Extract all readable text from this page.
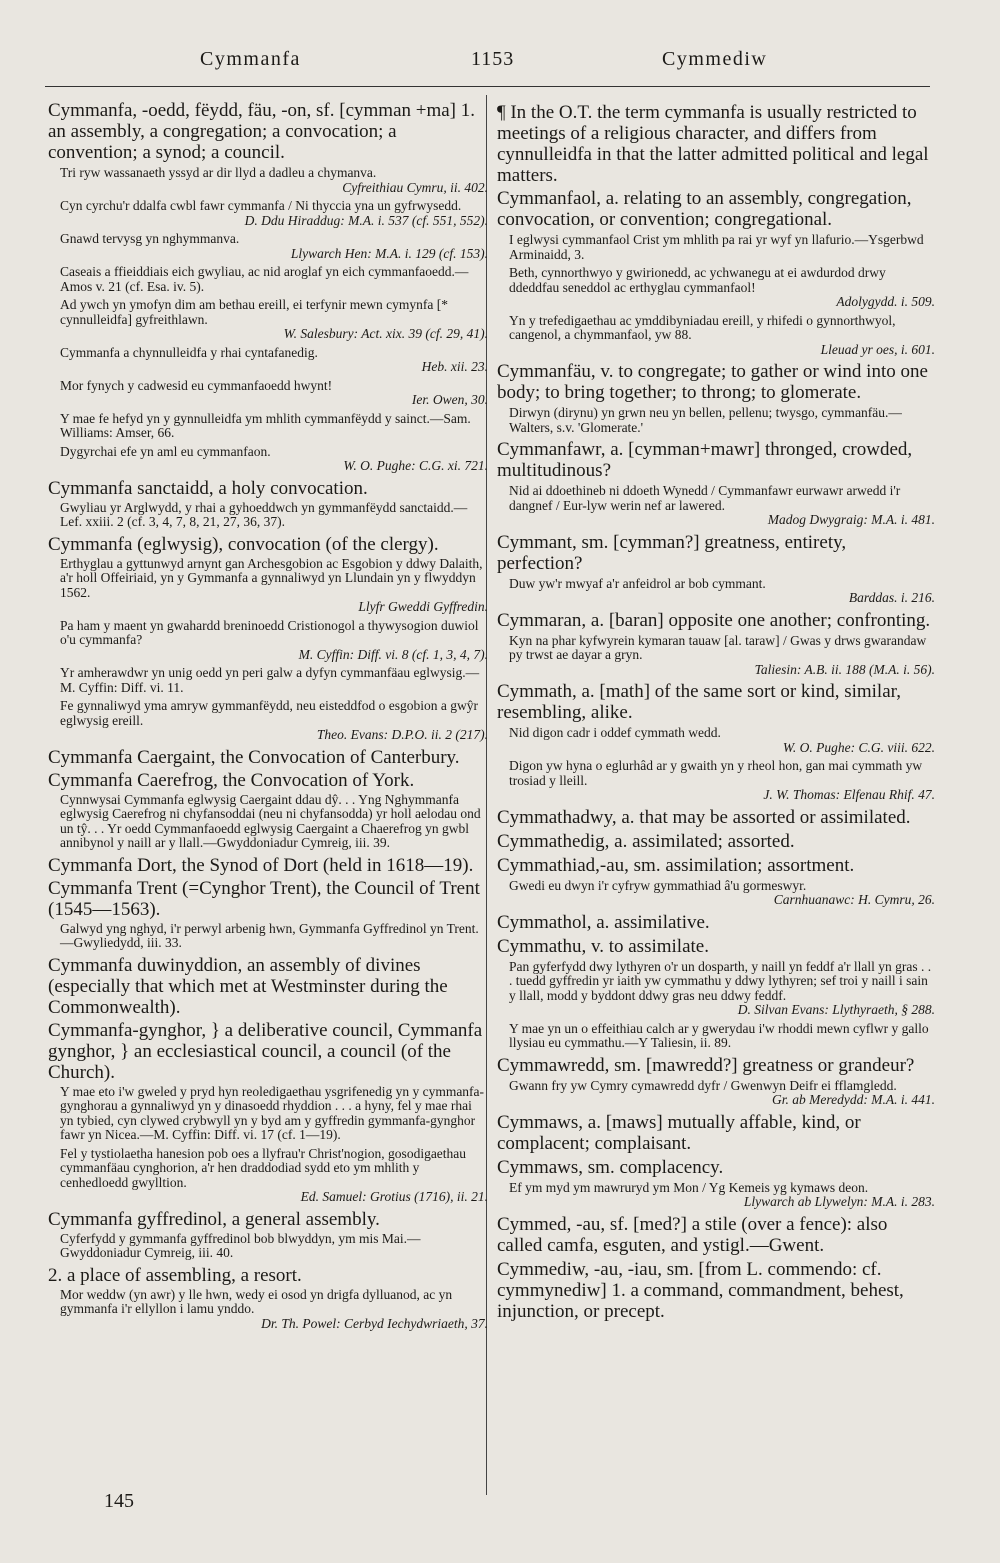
Cymmanfa	1153	Cymmediw
Cymmanfa, -oedd, fëydd, fäu, -on, sf. [cymman +ma] 1. an assembly, a congregation; a convocation; a convention; a synod; a council.
Tri ryw wassanaeth yssyd ar dir llyd a dadleu a chymanva.
Cyfreithiau Cymru, ii. 402.
Cyn cyrchu'r ddalfa cwbl fawr cymmanfa / Ni thyccia yna un gyfrwysedd.
D. Ddu Hiraddug: M.A. i. 537 (cf. 551, 552).
Gnawd tervysg yn nghymmanva.
Llywarch Hen: M.A. i. 129 (cf. 153).
Caseais a ffieiddiais eich gwyliau, ac nid aroglaf yn eich cymmanfaoedd.—Amos v. 21 (cf. Esa. iv. 5).
Ad ywch yn ymofyn dim am bethau ereill, ei terfynir mewn cymynfa [* cynnulleidfa] gyfreithlawn.
W. Salesbury: Act. xix. 39 (cf. 29, 41).
Cymmanfa a chynnulleidfa y rhai cyntafanedig.
Heb. xii. 23.
Mor fynych y cadwesid eu cymmanfaoedd hwynt!
Ier. Owen, 30.
Y mae fe hefyd yn y gynnulleidfa ym mhlith cymmanfëydd y sainct.—Sam. Williams: Amser, 66.
Dygyrchai efe yn aml eu cymmanfaon.
W. O. Pughe: C.G. xi. 721.
Cymmanfa sanctaidd, a holy convocation.
Gwyliau yr Arglwydd, y rhai a gyhoeddwch yn gymmanfëydd sanctaidd.—Lef. xxiii. 2 (cf. 3, 4, 7, 8, 21, 27, 36, 37).
Cymmanfa (eglwysig), convocation (of the clergy).
Erthyglau a gyttunwyd arnynt gan Archesgobion ac Esgobion y ddwy Dalaith, a'r holl Offeiriaid, yn y Gymmanfa a gynnaliwyd yn Llundain yn y flwyddyn 1562.
Llyfr Gweddi Gyffredin.
Pa ham y maent yn gwahardd breninoedd Cristionogol a thywysogion duwiol o'u cymmanfa?
M. Cyffin: Diff. vi. 8 (cf. 1, 3, 4, 7).
Yr amherawdwr yn unig oedd yn peri galw a dyfyn cymmanfäau eglwysig.—M. Cyffin: Diff. vi. 11.
Fe gynnaliwyd yma amryw gymmanfëydd, neu eisteddfod o esgobion a gwŷr eglwysig ereill.
Theo. Evans: D.P.O. ii. 2 (217).
Cymmanfa Caergaint, the Convocation of Canterbury.
Cymmanfa Caerefrog, the Convocation of York.
Cynnwysai Cymmanfa eglwysig Caergaint ddau dŷ. . . Yng Nghymmanfa eglwysig Caerefrog ni chyfansoddai (neu ni chyfansodda) yr holl aelodau ond un tŷ. . . Yr oedd Cymmanfaoedd eglwysig Caergaint a Chaerefrog yn gwbl annibynol y naill ar y llall.—Gwyddoniadur Cymreig, iii. 39.
Cymmanfa Dort, the Synod of Dort (held in 1618—19).
Cymmanfa Trent (=Cynghor Trent), the Council of Trent (1545—1563).
Galwyd yng nghyd, i'r perwyl arbenig hwn, Gymmanfa Gyffredinol yn Trent.—Gwyliedydd, iii. 33.
Cymmanfa duwinyddion, an assembly of divines (especially that which met at Westminster during the Commonwealth).
Cymmanfa-gynghor, } a deliberative council, Cymmanfa gynghor, } an ecclesiastical council, a council (of the Church).
Y mae eto i'w gweled y pryd hyn reoledigaethau ysgrifenedig yn y cymmanfa-gynghorau a gynnaliwyd yn y dinasoedd rhyddion . . . a hyny, fel y mae rhai yn tybied, cyn clywed crybwyll yn y byd am y gyffredin gymmanfa-gynghor fawr yn Nicea.—M. Cyffin: Diff. vi. 17 (cf. 1—19).
Fel y tystiolaetha hanesion pob oes a llyfrau'r Christ'nogion, gosodigaethau cymmanfäau cynghorion, a'r hen draddodiad sydd eto ym mhlith y cenhedloedd gwylltion.
Ed. Samuel: Grotius (1716), ii. 21.
Cymmanfa gyffredinol, a general assembly.
Cyferfydd y gymmanfa gyffredinol bob blwyddyn, ym mis Mai.—Gwyddoniadur Cymreig, iii. 40.
2. a place of assembling, a resort.
Mor weddw (yn awr) y lle hwn, wedy ei osod yn drigfa dylluanod, ac yn gymmanfa i'r ellyllon i lamu ynddo.
Dr. Th. Powel: Cerbyd Iechydwriaeth, 37.
¶ In the O.T. the term cymmanfa is usually restricted to meetings of a religious character, and differs from cynnulleidfa in that the latter admitted political and legal matters.
Cymmanfaol, a. relating to an assembly, congregation, convocation, or convention; congregational.
I eglwysi cymmanfaol Crist ym mhlith pa rai yr wyf yn llafurio.—Ysgerbwd Arminaidd, 3.
Beth, cynnorthwyo y gwirionedd, ac ychwanegu at ei awdurdod drwy ddeddfau seneddol ac erthyglau cymmanfaol!
Adolygydd. i. 509.
Yn y trefedigaethau ac ymddibyniadau ereill, y rhifedi o gynnorthwyol, cangenol, a chymmanfaol, yw 88.
Lleuad yr oes, i. 601.
Cymmanfäu, v. to congregate; to gather or wind into one body; to bring together; to throng; to glomerate.
Dirwyn (dirynu) yn grwn neu yn bellen, pellenu; twysgo, cymmanfäu.—Walters, s.v. 'Glomerate.'
Cymmanfawr, a. [cymman+mawr] thronged, crowded, multitudinous?
Nid ai ddoethineb ni ddoeth Wynedd / Cymmanfawr eurwawr arwedd i'r dangnef / Eur-lyw werin nef ar lawered.
Madog Dwygraig: M.A. i. 481.
Cymmant, sm. [cymman?] greatness, entirety, perfection?
Duw yw'r mwyaf a'r anfeidrol ar bob cymmant.
Barddas. i. 216.
Cymmaran, a. [baran] opposite one another; confronting.
Kyn na phar kyfwyrein kymaran tauaw [al. taraw] / Gwas y drws gwarandaw py trwst ae dayar a gryn.
Taliesin: A.B. ii. 188 (M.A. i. 56).
Cymmath, a. [math] of the same sort or kind, similar, resembling, alike.
Nid digon cadr i oddef cymmath wedd.
W. O. Pughe: C.G. viii. 622.
Digon yw hyna o eglurhâd ar y gwaith yn y rheol hon, gan mai cymmath yw trosiad y lleill.
J. W. Thomas: Elfenau Rhif. 47.
Cymmathadwy, a. that may be assorted or assimilated.
Cymmathedig, a. assimilated; assorted.
Cymmathiad,-au, sm. assimilation; assortment.
Gwedi eu dwyn i'r cyfryw gymmathiad â'u gormeswyr.
Carnhuanawc: H. Cymru, 26.
Cymmathol, a. assimilative.
Cymmathu, v. to assimilate.
Pan gyferfydd dwy lythyren o'r un dosparth, y naill yn feddf a'r llall yn gras . . . tuedd gyffredin yr iaith yw cymmathu y ddwy lythyren; sef troi y naill i sain y llall, modd y byddont ddwy gras neu ddwy feddf.
D. Silvan Evans: Llythyraeth, § 288.
Y mae yn un o effeithiau calch ar y gwerydau i'w rhoddi mewn cyflwr y gallo llysiau eu cymmathu.—Y Taliesin, ii. 89.
Cymmawredd, sm. [mawredd?] greatness or grandeur?
Gwann fry yw Cymry cymawredd dyfr / Gwenwyn Deifr ei fflamgledd.
Gr. ab Meredydd: M.A. i. 441.
Cymmaws, a. [maws] mutually affable, kind, or complacent; complaisant.
Cymmaws, sm. complacency.
Ef ym myd ym mawruryd ym Mon / Yg Kemeis yg kymaws deon.
Llywarch ab Llywelyn: M.A. i. 283.
Cymmed, -au, sf. [med?] a stile (over a fence): also called camfa, esguten, and ystigl.—Gwent.
Cymmediw, -au, -iau, sm. [from L. commendo: cf. cymmynediw] 1. a command, commandment, behest, injunction, or precept.
145
